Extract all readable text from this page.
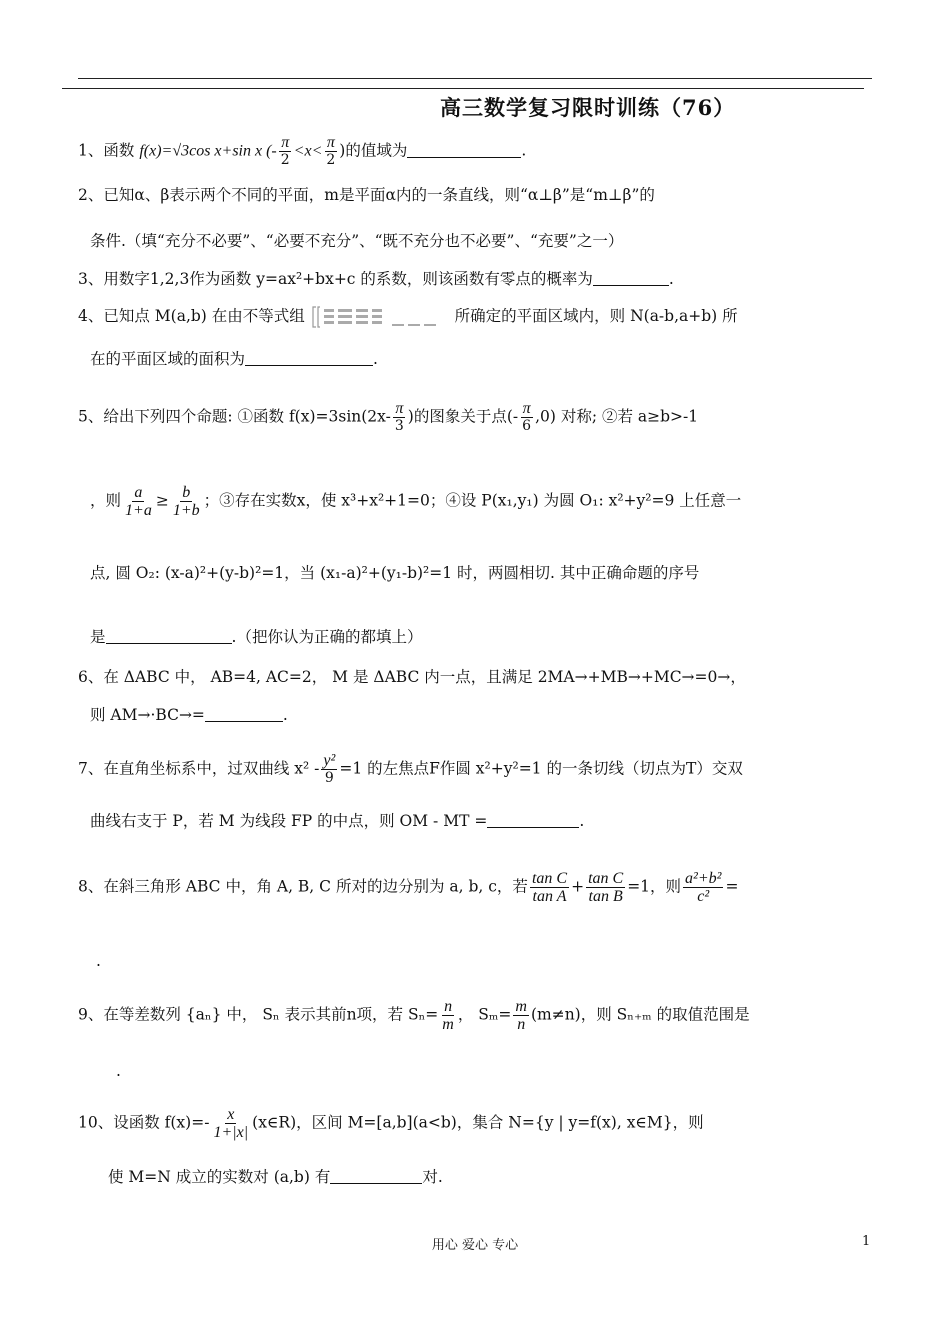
高三数学复习限时训练（76）
1、函数 f(x)=√3cos x+sin x (- $\frac{\pi}{2} <x< \frac{\pi}{2}$ )的值域为	.
2、已知α、β表示两个不同的平面，m是平面α内的一条直线，则“α⊥β”是“m⊥β”的
条件.（填“充分不必要”、“必要不充分”、“既不充分也不必要”、“充要”之一）
3、用数字1,2,3作为函数 y=ax²+bx+c 的系数，则该函数有零点的概率为	.
4、已知点 M(a,b) 在由不等式组	所确定的平面区域内，则 N(a-b,a+b) 所
在的平面区域的面积为	.
5、给出下列四个命题: ①函数 $f(x)=3\sin(2x- \frac{\pi}{3}$ )的图象关于点(- $\frac{\pi}{6} ,0$) 对称; ②若 a≥b>-1
，则 $\frac{a}{1+a} \ge \frac{b}{1+b}$ ；③存在实数x，使 x³+x²+1=0；④设 P(x₁,y₁) 为圆 O₁: x²+y²=9 上任意一
点, 圆 O₂: (x-a)²+(y-b)²=1，当 (x₁-a)²+(y₁-b)²=1 时，两圆相切. 其中正确命题的序号
是	.（把你认为正确的都填上）
6、在 ΔABC 中， AB=4, AC=2， M 是 ΔABC 内一点，且满足 2MA→+MB→+MC→=0→，
则 AM→·BC→=	.
7、在直角坐标系中，过双曲线 $x^2 - \frac{\text{y²}}{9} =1$ 的左焦点F作圆 x²+y²=1 的一条切线（切点为T）交双
曲线右支于 P，若 M 为线段 FP 的中点，则 OM - MT =	.
8、在斜三角形 ABC 中，角 A, B, C 所对的边分别为 a, b, c，若 $\frac{\text{tan C}}{\text{tan A}} + \frac{\text{tan C}}{\text{tan B}} =1$，则 $\frac{\text{a²+b²}}{\text{c²}}$ =
.
9、在等差数列 {aₙ} 中， Sₙ 表示其前n项，若 $S_n= \frac{n}{m}$ ， $S_m= \frac{m}{n} (m\ne n)$，则 Sₙ₊ₘ 的取值范围是
.
10、设函数 $f(x)=- \frac{x}{1+|x|}$ (x∈R)，区间 M=[a,b](a<b)，集合 N={y | y=f(x), x∈M}，则
使 M=N 成立的实数对 (a,b) 有	对.
用心 爱心 专心	1
